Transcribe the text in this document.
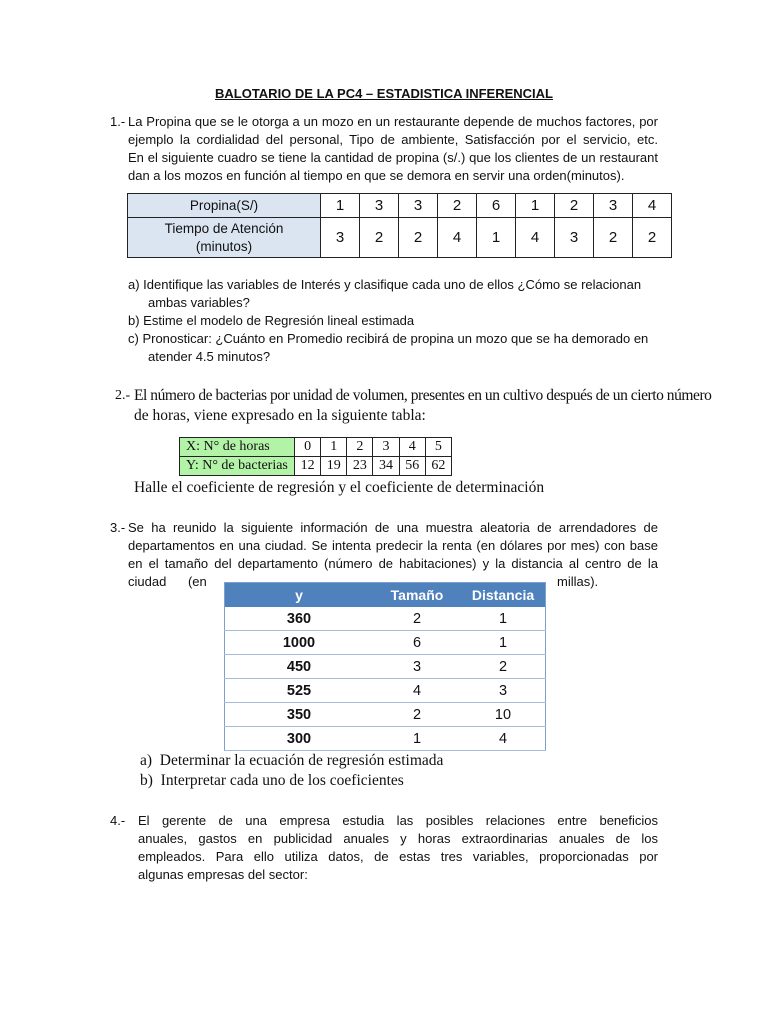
BALOTARIO DE LA PC4 – ESTADISTICA INFERENCIAL
1.- La Propina que se le otorga a un mozo en un restaurante depende de muchos factores, por
ejemplo la cordialidad del personal, Tipo de ambiente, Satisfacción por el servicio, etc.
En el siguiente cuadro se tiene la cantidad de propina (s/.) que los clientes de un restaurant
dan a los mozos en función al tiempo en que se demora en servir una orden(minutos).
Propina(S/)	1	3	3	2	6	1	2	3	4

Tiempo de Atención
(minutos)	3	2	2	4	1	4	3	2	2
a) Identifique las variables de Interés y clasifique cada uno de ellos ¿Cómo se relacionan
ambas variables?
b) Estime el modelo de Regresión lineal estimada
c) Pronosticar: ¿Cuánto en Promedio recibirá de propina un mozo que se ha demorado en
atender 4.5 minutos?
2.- El número de bacterias por unidad de volumen, presentes en un cultivo después de un cierto número
de horas, viene expresado en la siguiente tabla:
X: N° de horas	0	1	2	3	4	5
Y: N° de bacterias	12	19	23	34	56	62
Halle el coeficiente de regresión y el coeficiente de determinación
3.- Se ha reunido la siguiente información de una muestra aleatoria de arrendadores de
departamentos en una ciudad. Se intenta predecir la renta (en dólares por mes) con base
en el tamaño del departamento (número de habitaciones) y la distancia al centro de la
ciudad      (en	millas).
y	Tamaño	Distancia
360	2	1
1000	6	1
450	3	2
525	4	3
350	2	10
300	1	4
a)  Determinar la ecuación de regresión estimada
b)  Interpretar cada uno de los coeficientes
4.- El gerente de una empresa estudia las posibles relaciones entre beneficios
anuales, gastos en publicidad anuales y horas extraordinarias anuales de los
empleados. Para ello utiliza datos, de estas tres variables, proporcionadas por
algunas empresas del sector:
